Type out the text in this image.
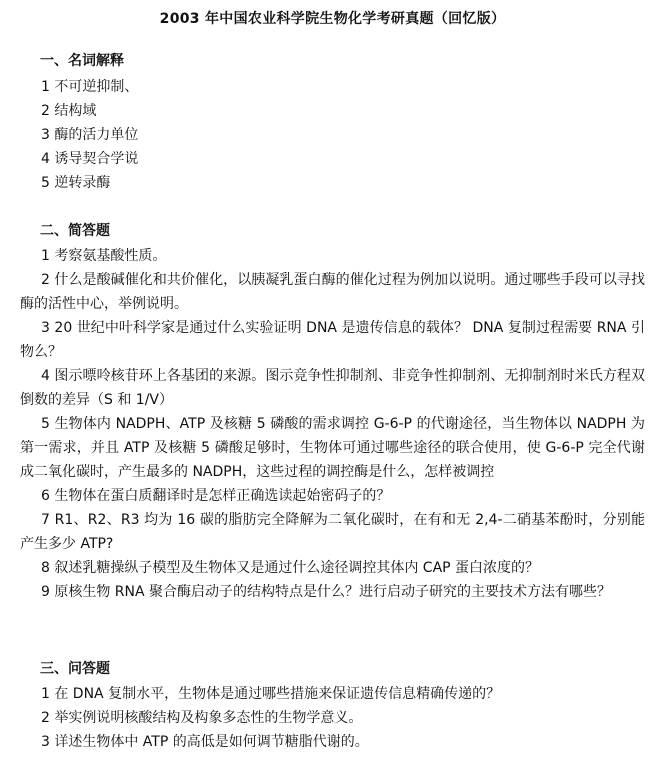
2003 年中国农业科学院生物化学考研真题（回忆版）
一、名词解释
1 不可逆抑制、
2 结构域
3 酶的活力单位
4 诱导契合学说
5 逆转录酶
二、简答题
1 考察氨基酸性质。
2 什么是酸碱催化和共价催化，以胰凝乳蛋白酶的催化过程为例加以说明。通过哪些手段可以寻找酶的活性中心，举例说明。
3 20 世纪中叶科学家是通过什么实验证明 DNA 是遗传信息的载体？ DNA 复制过程需要 RNA 引物么？
4 图示嘌呤核苷环上各基团的来源。图示竞争性抑制剂、非竞争性抑制剂、无抑制剂时米氏方程双倒数的差异（S 和 1/V）
5 生物体内 NADPH、ATP 及核糖 5 磷酸的需求调控 G-6-P 的代谢途径，当生物体以 NADPH 为第一需求，并且 ATP 及核糖 5 磷酸足够时，生物体可通过哪些途径的联合使用，使 G-6-P 完全代谢成二氧化碳时，产生最多的 NADPH，这些过程的调控酶是什么，怎样被调控
6 生物体在蛋白质翻译时是怎样正确选读起始密码子的？
7 R1、R2、R3 均为 16 碳的脂肪完全降解为二氧化碳时，在有和无 2,4-二硝基苯酚时，分别能产生多少 ATP?
8 叙述乳糖操纵子模型及生物体又是通过什么途径调控其体内 CAP 蛋白浓度的？
9 原核生物 RNA 聚合酶启动子的结构特点是什么？进行启动子研究的主要技术方法有哪些？
三、问答题
1 在 DNA 复制水平，生物体是通过哪些措施来保证遗传信息精确传递的？
2 举实例说明核酸结构及构象多态性的生物学意义。
3 详述生物体中 ATP 的高低是如何调节糖脂代谢的。
